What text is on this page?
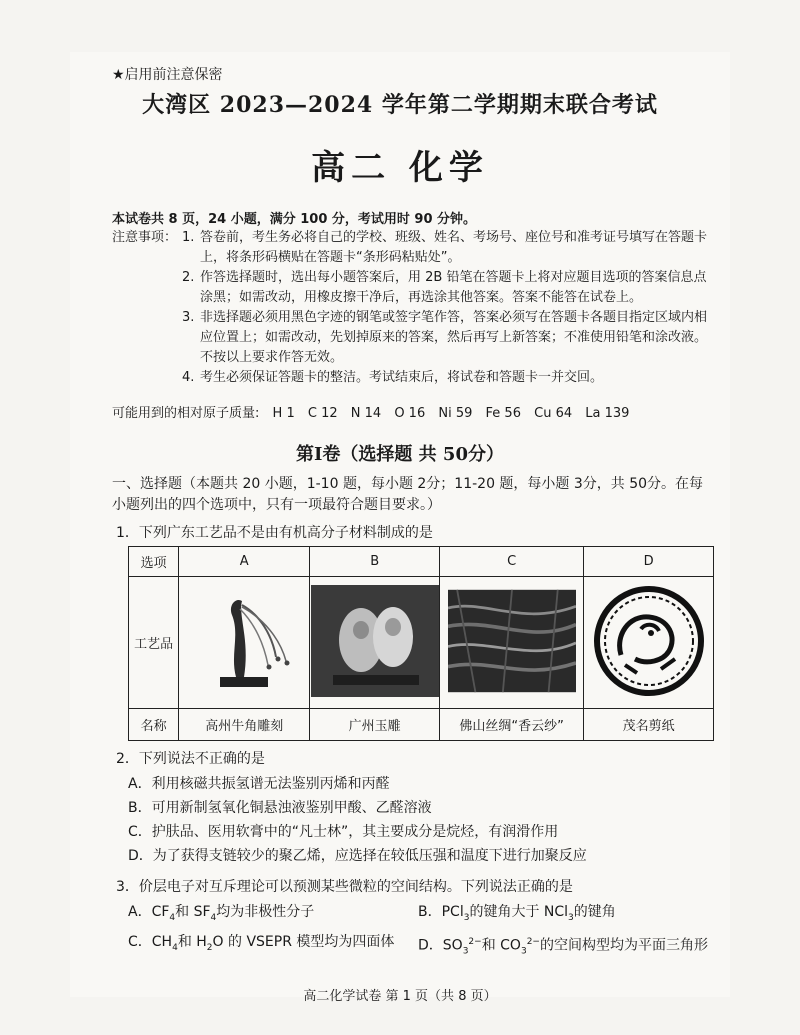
★启用前注意保密
大湾区 2023—2024 学年第二学期期末联合考试
高二 化学
本试卷共 8 页，24 小题，满分 100 分，考试用时 90 分钟。
注意事项： 1. 答卷前，考生务必将自己的学校、班级、姓名、考场号、座位号和准考证号填写在答题卡上，将条形码横贴在答题卡“条形码粘贴处”。
2. 作答选择题时，选出每小题答案后，用 2B 铅笔在答题卡上将对应题目选项的答案信息点涂黑；如需改动，用橡皮擦干净后，再选涂其他答案。答案不能答在试卷上。
3. 非选择题必须用黑色字迹的钢笔或签字笔作答，答案必须写在答题卡各题目指定区域内相应位置上；如需改动，先划掉原来的答案，然后再写上新答案；不准使用铅笔和涂改液。不按以上要求作答无效。
4. 考生必须保证答题卡的整洁。考试结束后，将试卷和答题卡一并交回。
可能用到的相对原子质量: H 1 C 12 N 14 O 16 Ni 59 Fe 56 Cu 64 La 139
第Ⅰ卷（选择题 共 50分）
一、选择题（本题共 20 小题，1-10 题，每小题 2分；11-20 题，每小题 3分，共 50分。在每小题列出的四个选项中，只有一项最符合题目要求。）
1．下列广东工艺品不是由有机高分子材料制成的是
选项	A	B	C	D
工艺品				
名称	高州牛角雕刻	广州玉雕	佛山丝绸“香云纱”	茂名剪纸
2．下列说法不正确的是
A．利用核磁共振氢谱无法鉴别丙烯和丙醛
B．可用新制氢氧化铜悬浊液鉴别甲酸、乙醛溶液
C．护肤品、医用软膏中的“凡士林”，其主要成分是烷烃，有润滑作用
D．为了获得支链较少的聚乙烯，应选择在较低压强和温度下进行加聚反应
3．价层电子对互斥理论可以预测某些微粒的空间结构。下列说法正确的是
A．$CF_4$和 $SF_4$均为非极性分子	B．PCl$_3$的键角大于 NCl$_3$的键角
C．$CH_4$和 $H_2O$ 的 VSEPR 模型均为四面体	D．$SO_3^{2-}$和 $CO_3^{2-}$的空间构型均为平面三角形
高二化学试卷 第 1 页（共 8 页）
